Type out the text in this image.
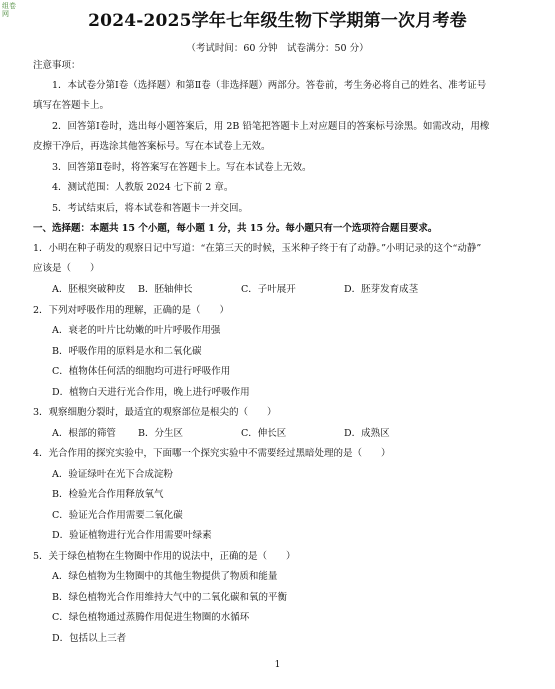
组卷
网	2024-2025学年七年级生物下学期第一次月考卷
（考试时间：60 分钟　试卷满分：50 分）
注意事项：
1．本试卷分第Ⅰ卷（选择题）和第Ⅱ卷（非选择题）两部分。答卷前，考生务必将自己的姓名、准考证号
填写在答题卡上。
2．回答第Ⅰ卷时，选出每小题答案后，用 2B 铅笔把答题卡上对应题目的答案标号涂黑。如需改动，用橡
皮擦干净后，再选涂其他答案标号。写在本试卷上无效。
3．回答第Ⅱ卷时，将答案写在答题卡上。写在本试卷上无效。
4．测试范围：人教版 2024 七下前 2 章。
5．考试结束后，将本试卷和答题卡一并交回。
一、选择题：本题共 15 个小题，每小题 1 分，共 15 分。每小题只有一个选项符合题目要求。
1．小明在种子萌发的观察日记中写道：“在第三天的时候，玉米种子终于有了动静。”小明记录的这个“动静”
应该是（　　）
A．胚根突破种皮 B．胚轴伸长	C．子叶展开	D．胚芽发育成茎
2．下列对呼吸作用的理解，正确的是（　　）
A．衰老的叶片比幼嫩的叶片呼吸作用强
B．呼吸作用的原料是水和二氧化碳
C．植物体任何活的细胞均可进行呼吸作用
D．植物白天进行光合作用，晚上进行呼吸作用
3．观察细胞分裂时，最适宜的观察部位是根尖的（　　）
A．根部的筛管 B．分生区	C．伸长区	D．成熟区
4．光合作用的探究实验中，下面哪一个探究实验中不需要经过黑暗处理的是（　　）
A．验证绿叶在光下合成淀粉
B．检验光合作用释放氧气
C．验证光合作用需要二氧化碳
D．验证植物进行光合作用需要叶绿素
5．关于绿色植物在生物圈中作用的说法中，正确的是（　　）
A．绿色植物为生物圈中的其他生物提供了物质和能量
B．绿色植物光合作用维持大气中的二氧化碳和氧的平衡
C．绿色植物通过蒸腾作用促进生物圈的水循环
D．包括以上三者
1
